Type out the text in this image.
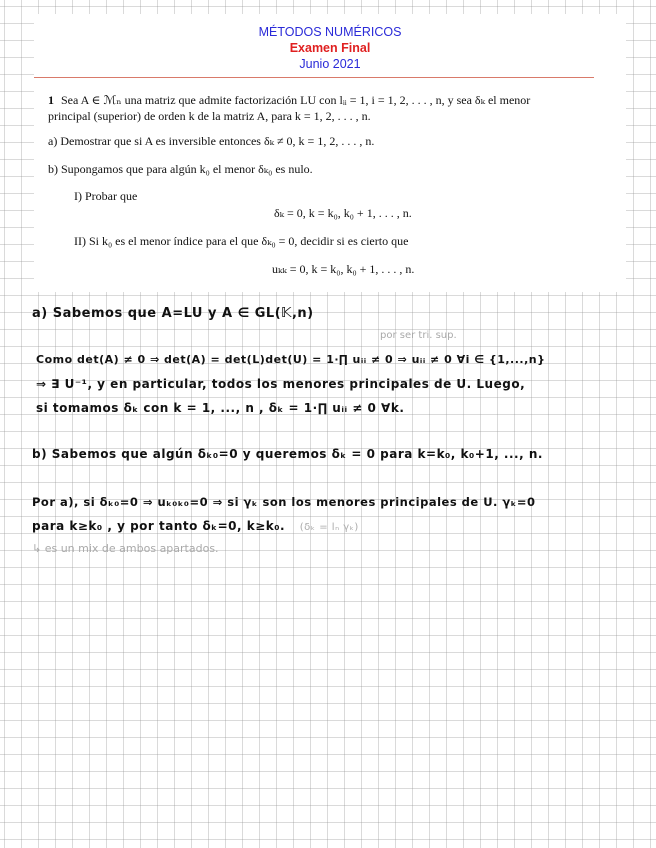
MÉTODOS NUMÉRICOS
Examen Final
Junio 2021
1 Sea A ∈ ℳₙ una matriz que admite factorización LU con lᵢᵢ = 1, i = 1, 2, . . . , n, y sea δₖ el menor
principal (superior) de orden k de la matriz A, para k = 1, 2, . . . , n.
a) Demostrar que si A es inversible entonces δₖ ≠ 0, k = 1, 2, . . . , n.
b) Supongamos que para algún k₀ el menor δₖ₀ es nulo.
I) Probar que
δₖ = 0, k = k₀, k₀ + 1, . . . , n.
II) Si k₀ es el menor índice para el que δₖ₀ = 0, decidir si es cierto que
uₖₖ = 0, k = k₀, k₀ + 1, . . . , n.
a) Sabemos que A=LU y A ∈ GL(𝕂,n)
por ser tri. sup.
Como det(A) ≠ 0 ⇒ det(A) = det(L)det(U) = 1·∏ uᵢᵢ ≠ 0 ⇒ uᵢᵢ ≠ 0 ∀i ∈ {1,...,n}
⇒ ∃ U⁻¹, y en particular, todos los menores principales de U. Luego,
si tomamos δₖ con k = 1, ..., n , δₖ = 1·∏ uᵢᵢ ≠ 0 ∀k.
b) Sabemos que algún δₖ₀=0 y queremos δₖ = 0 para k=k₀, k₀+1, ..., n.
Por a), si δₖ₀=0 ⇒ uₖ₀ₖ₀=0 ⇒ si γₖ son los menores principales de U. γₖ=0
para k≥k₀ , y por tanto δₖ=0, k≥k₀. (δₖ = lₙ γₖ)
↳ es un mix de ambos apartados.
